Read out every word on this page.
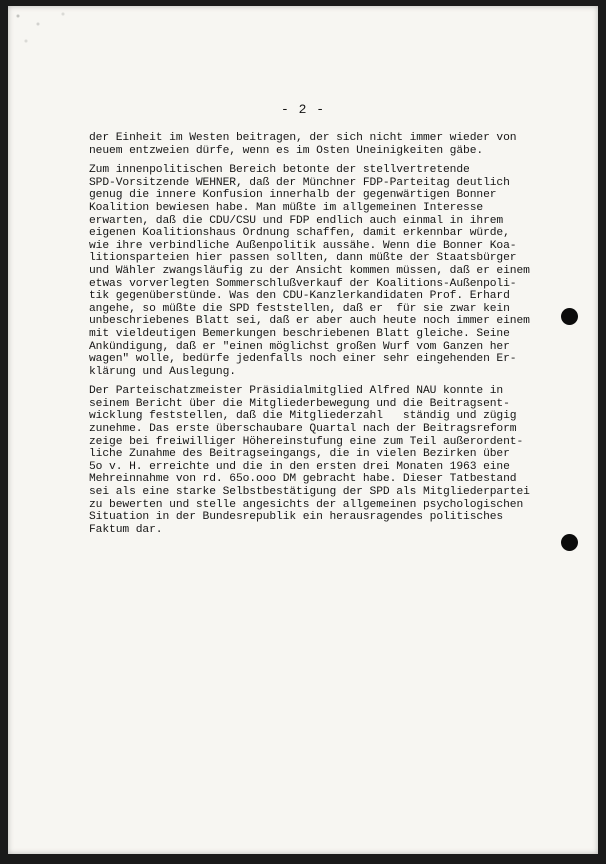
- 2 -
der Einheit im Westen beitragen, der sich nicht immer wieder von
neuem entzweien dürfe, wenn es im Osten Uneinigkeiten gäbe.
Zum innenpolitischen Bereich betonte der stellvertretende
SPD-Vorsitzende WEHNER, daß der Münchner FDP-Parteitag deutlich
genug die innere Konfusion innerhalb der gegenwärtigen Bonner
Koalition bewiesen habe. Man müßte im allgemeinen Interesse
erwarten, daß die CDU/CSU und FDP endlich auch einmal in ihrem
eigenen Koalitionshaus Ordnung schaffen, damit erkennbar würde,
wie ihre verbindliche Außenpolitik aussähe. Wenn die Bonner Koa-
litionsparteien hier passen sollten, dann müßte der Staatsbürger
und Wähler zwangsläufig zu der Ansicht kommen müssen, daß er einem
etwas vorverlegten Sommerschlußverkauf der Koalitions-Außenpoli-
tik gegenüberstünde. Was den CDU-Kanzlerkandidaten Prof. Erhard
angehe, so müßte die SPD feststellen, daß er  für sie zwar kein
unbeschriebenes Blatt sei, daß er aber auch heute noch immer einem
mit vieldeutigen Bemerkungen beschriebenen Blatt gleiche. Seine
Ankündigung, daß er "einen möglichst großen Wurf vom Ganzen her
wagen" wolle, bedürfe jedenfalls noch einer sehr eingehenden Er-
klärung und Auslegung.
Der Parteischatzmeister Präsidialmitglied Alfred NAU konnte in
seinem Bericht über die Mitgliederbewegung und die Beitragsent-
wicklung feststellen, daß die Mitgliederzahl   ständig und zügig
zunehme. Das erste überschaubare Quartal nach der Beitragsreform
zeige bei freiwilliger Höhereinstufung eine zum Teil außerordent-
liche Zunahme des Beitragseingangs, die in vielen Bezirken über
5o v. H. erreichte und die in den ersten drei Monaten 1963 eine
Mehreinnahme von rd. 65o.ooo DM gebracht habe. Dieser Tatbestand
sei als eine starke Selbstbestätigung der SPD als Mitgliederpartei
zu bewerten und stelle angesichts der allgemeinen psychologischen
Situation in der Bundesrepublik ein herausragendes politisches
Faktum dar.
